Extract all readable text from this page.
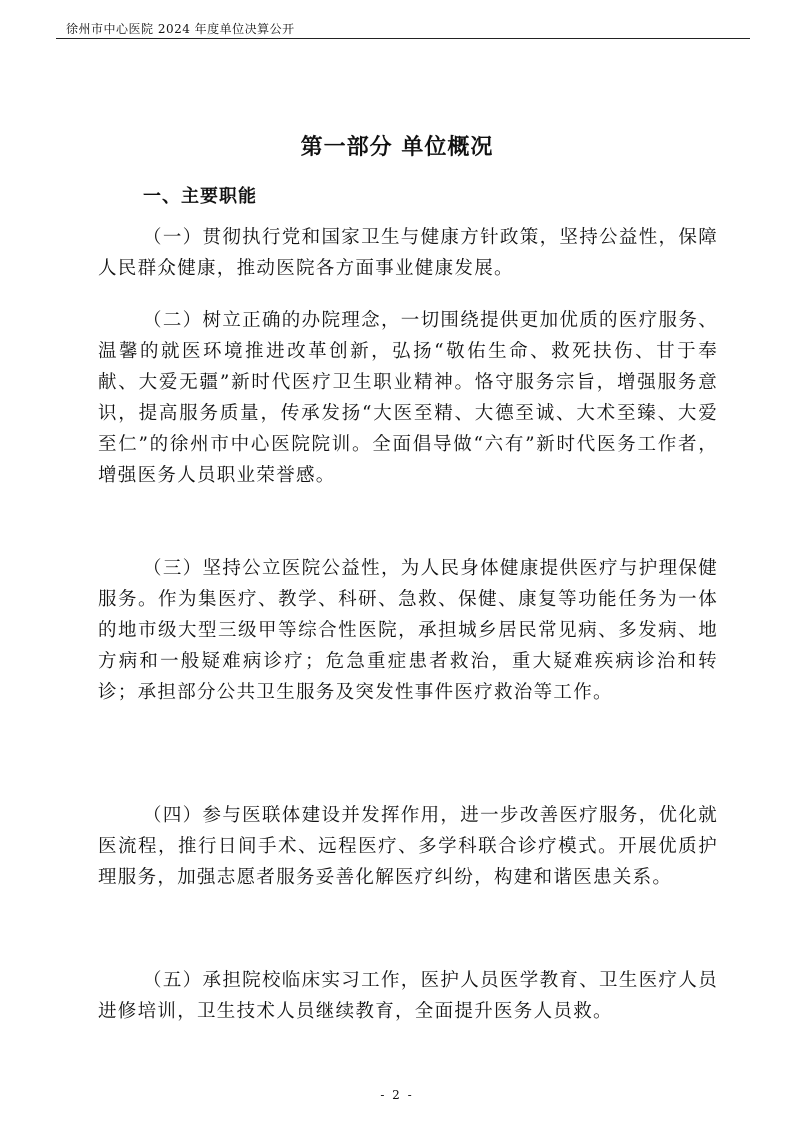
徐州市中心医院 2024 年度单位决算公开
第一部分 单位概况
一、主要职能

（一）贯彻执行党和国家卫生与健康方针政策，坚持公益性，保障人民群众健康，推动医院各方面事业健康发展。

（二）树立正确的办院理念，一切围绕提供更加优质的医疗服务、温馨的就医环境推进改革创新，弘扬“敬佑生命、救死扶伤、甘于奉献、大爱无疆”新时代医疗卫生职业精神。恪守服务宗旨，增强服务意识，提高服务质量，传承发扬“大医至精、大德至诚、大术至臻、大爱至仁”的徐州市中心医院院训。全面倡导做“六有”新时代医务工作者，增强医务人员职业荣誉感。

（三）坚持公立医院公益性，为人民身体健康提供医疗与护理保健服务。作为集医疗、教学、科研、急救、保健、康复等功能任务为一体的地市级大型三级甲等综合性医院，承担城乡居民常见病、多发病、地方病和一般疑难病诊疗；危急重症患者救治，重大疑难疾病诊治和转诊；承担部分公共卫生服务及突发性事件医疗救治等工作。

（四）参与医联体建设并发挥作用，进一步改善医疗服务，优化就医流程，推行日间手术、远程医疗、多学科联合诊疗模式。开展优质护理服务，加强志愿者服务妥善化解医疗纠纷，构建和谐医患关系。

（五）承担院校临床实习工作，医护人员医学教育、卫生医疗人员进修培训，卫生技术人员继续教育，全面提升医务人员救。

- 2 -
